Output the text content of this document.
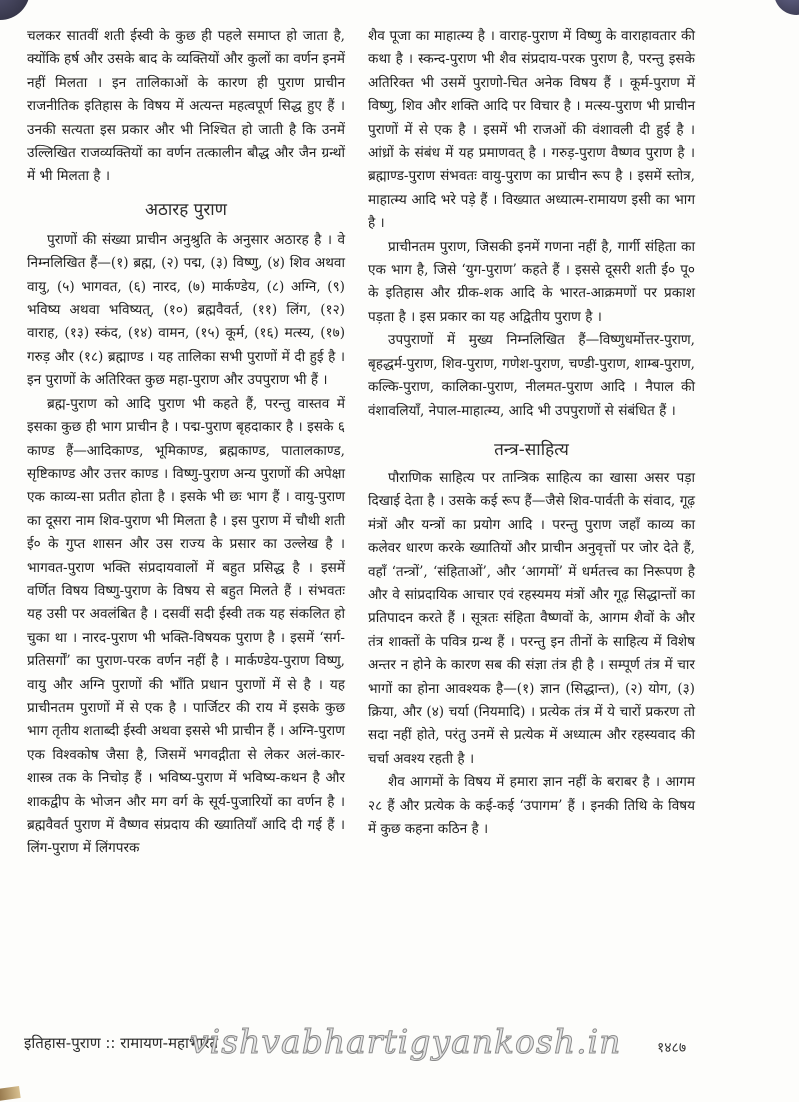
चलकर सातवीं शती ईस्वी के कुछ ही पहले समाप्त हो जाता है, क्योंकि हर्ष और उसके बाद के व्यक्तियों और कुलों का वर्णन इनमें नहीं मिलता । इन तालिकाओं के कारण ही पुराण प्राचीन राजनीतिक इतिहास के विषय में अत्यन्त महत्वपूर्ण सिद्ध हुए हैं । उनकी सत्यता इस प्रकार और भी निश्चित हो जाती है कि उनमें उल्लिखित राजव्यक्तियों का वर्णन तत्कालीन बौद्ध और जैन ग्रन्थों में भी मिलता है ।

अठारह पुराण

पुराणों की संख्या प्राचीन अनुश्रुति के अनुसार अठारह है । वे निम्नलिखित हैं—(१) ब्रह्म, (२) पद्म, (३) विष्णु, (४) शिव अथवा वायु, (५) भागवत, (६) नारद, (७) मार्कण्डेय, (८) अग्नि, (९) भविष्य अथवा भविष्यत्, (१०) ब्रह्मवैवर्त, (११) लिंग, (१२) वाराह, (१३) स्कंद, (१४) वामन, (१५) कूर्म, (१६) मत्स्य, (१७) गरुड़ और (१८) ब्रह्माण्ड । यह तालिका सभी पुराणों में दी हुई है । इन पुराणों के अतिरिक्त कुछ महा-पुराण और उपपुराण भी हैं ।

ब्रह्म-पुराण को आदि पुराण भी कहते हैं, परन्तु वास्तव में इसका कुछ ही भाग प्राचीन है । पद्म-पुराण बृहदाकार है । इसके ६ काण्ड हैं—आदिकाण्ड, भूमिकाण्ड, ब्रह्मकाण्ड, पातालकाण्ड, सृष्टिकाण्ड और उत्तर काण्ड । विष्णु-पुराण अन्य पुराणों की अपेक्षा एक काव्य-सा प्रतीत होता है । इसके भी छः भाग हैं । वायु-पुराण का दूसरा नाम शिव-पुराण भी मिलता है । इस पुराण में चौथी शती ई० के गुप्त शासन और उस राज्य के प्रसार का उल्लेख है । भागवत-पुराण भक्ति संप्रदायवालों में बहुत प्रसिद्ध है । इसमें वर्णित विषय विष्णु-पुराण के विषय से बहुत मिलते हैं । संभवतः यह उसी पर अवलंबित है । दसवीं सदी ईस्वी तक यह संकलित हो चुका था । नारद-पुराण भी भक्ति-विषयक पुराण है । इसमें ‘सर्ग-प्रतिसर्गों’ का पुराण-परक वर्णन नहीं है । मार्कण्डेय-पुराण विष्णु, वायु और अग्नि पुराणों की भाँति प्रधान पुराणों में से है । यह प्राचीनतम पुराणों में से एक है । पार्जिटर की राय में इसके कुछ भाग तृतीय शताब्दी ईस्वी अथवा इससे भी प्राचीन हैं । अग्नि-पुराण एक विश्वकोष जैसा है, जिसमें भगवद्गीता से लेकर अलं-कार-शास्त्र तक के निचोड़ हैं । भविष्य-पुराण में भविष्य-कथन है और शाकद्वीप के भोजन और मग वर्ग के सूर्य-पुजारियों का वर्णन है । ब्रह्मवैवर्त पुराण में वैष्णव संप्रदाय की ख्यातियाँ आदि दी गई हैं । लिंग-पुराण में लिंगपरक

शैव पूजा का माहात्म्य है । वाराह-पुराण में विष्णु के वाराहावतार की कथा है । स्कन्द-पुराण भी शैव संप्रदाय-परक पुराण है, परन्तु इसके अतिरिक्त भी उसमें पुराणो-चित अनेक विषय हैं । कूर्म-पुराण में विष्णु, शिव और शक्ति आदि पर विचार है । मत्स्य-पुराण भी प्राचीन पुराणों में से एक है । इसमें भी राजओं की वंशावली दी हुई है । आंध्रों के संबंध में यह प्रमाणवत् है । गरुड़-पुराण वैष्णव पुराण है । ब्रह्माण्ड-पुराण संभवतः वायु-पुराण का प्राचीन रूप है । इसमें स्तोत्र, माहात्म्य आदि भरे पड़े हैं । विख्यात अध्यात्म-रामायण इसी का भाग है ।

प्राचीनतम पुराण, जिसकी इनमें गणना नहीं है, गार्गी संहिता का एक भाग है, जिसे ‘युग-पुराण’ कहते हैं । इससे दूसरी शती ई० पू० के इतिहास और ग्रीक-शक आदि के भारत-आक्रमणों पर प्रकाश पड़ता है । इस प्रकार का यह अद्वितीय पुराण है ।

उपपुराणों में मुख्य निम्नलिखित हैं—विष्णुधर्मोत्तर-पुराण, बृहद्धर्म-पुराण, शिव-पुराण, गणेश-पुराण, चण्डी-पुराण, शाम्ब-पुराण, कल्कि-पुराण, कालिका-पुराण, नीलमत-पुराण आदि । नैपाल की वंशावलियाँ, नेपाल-माहात्म्य, आदि भी उपपुराणों से संबंधित हैं ।

तन्त्र-साहित्य

पौराणिक साहित्य पर तान्त्रिक साहित्य का खासा असर पड़ा दिखाई देता है । उसके कई रूप हैं—जैसे शिव-पार्वती के संवाद, गूढ़ मंत्रों और यन्त्रों का प्रयोग आदि । परन्तु पुराण जहाँ काव्य का कलेवर धारण करके ख्यातियों और प्राचीन अनुवृत्तों पर जोर देते हैं, वहाँ ‘तन्त्रों’, ‘संहिताओं’, और ‘आगमों’ में धर्मतत्त्व का निरूपण है और वे सांप्रदायिक आचार एवं रहस्यमय मंत्रों और गूढ़ सिद्धान्तों का प्रतिपादन करते हैं । सूत्रतः संहिता वैष्णवों के, आगम शैवों के और तंत्र शाक्तों के पवित्र ग्रन्थ हैं । परन्तु इन तीनों के साहित्य में विशेष अन्तर न होने के कारण सब की संज्ञा तंत्र ही है । सम्पूर्ण तंत्र में चार भागों का होना आवश्यक है—(१) ज्ञान (सिद्धान्त), (२) योग, (३) क्रिया, और (४) चर्या (नियमादि) । प्रत्येक तंत्र में ये चारों प्रकरण तो सदा नहीं होते, परंतु उनमें से प्रत्येक में अध्यात्म और रहस्यवाद की चर्चा अवश्य रहती है ।

शैव आगमों के विषय में हमारा ज्ञान नहीं के बराबर है । आगम २८ हैं और प्रत्येक के कई-कई ‘उपागम’ हैं । इनकी तिथि के विषय में कुछ कहना कठिन है ।

इतिहास-पुराण :: रामायण-महाभारत
vishvabhartigyankosh.in	१४८७
